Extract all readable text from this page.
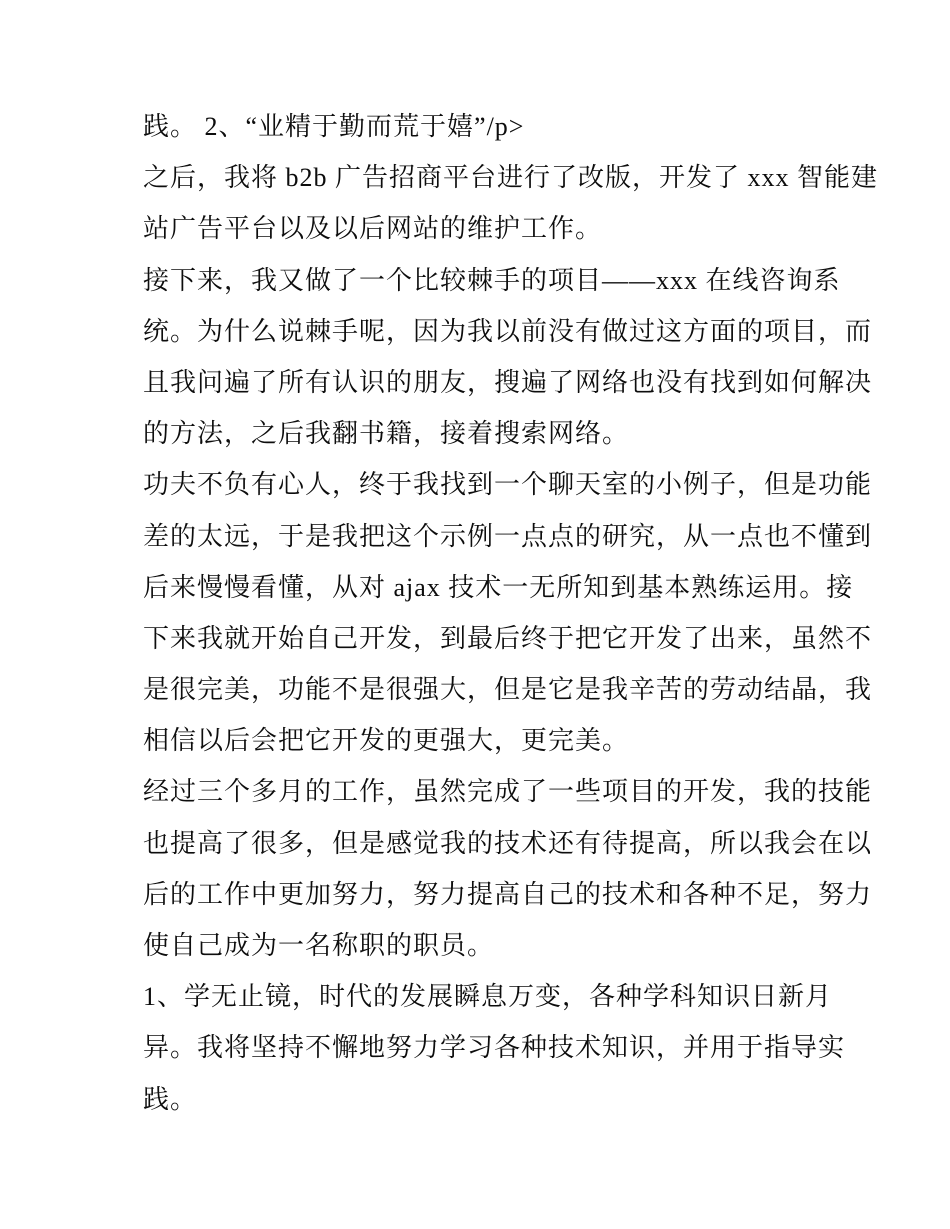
践。 2、“业精于勤而荒于嬉”/p>

之后，我将 b2b 广告招商平台进行了改版，开发了 xxx 智能建

站广告平台以及以后网站的维护工作。

接下来，我又做了一个比较棘手的项目——xxx 在线咨询系

统。为什么说棘手呢，因为我以前没有做过这方面的项目，而

且我问遍了所有认识的朋友，搜遍了网络也没有找到如何解决

的方法，之后我翻书籍，接着搜索网络。

功夫不负有心人，终于我找到一个聊天室的小例子，但是功能

差的太远，于是我把这个示例一点点的研究，从一点也不懂到

后来慢慢看懂，从对 ajax 技术一无所知到基本熟练运用。接

下来我就开始自己开发，到最后终于把它开发了出来，虽然不

是很完美，功能不是很强大，但是它是我辛苦的劳动结晶，我

相信以后会把它开发的更强大，更完美。

经过三个多月的工作，虽然完成了一些项目的开发，我的技能

也提高了很多，但是感觉我的技术还有待提高，所以我会在以

后的工作中更加努力，努力提高自己的技术和各种不足，努力

使自己成为一名称职的职员。

1、学无止镜，时代的发展瞬息万变，各种学科知识日新月

异。我将坚持不懈地努力学习各种技术知识，并用于指导实

践。
